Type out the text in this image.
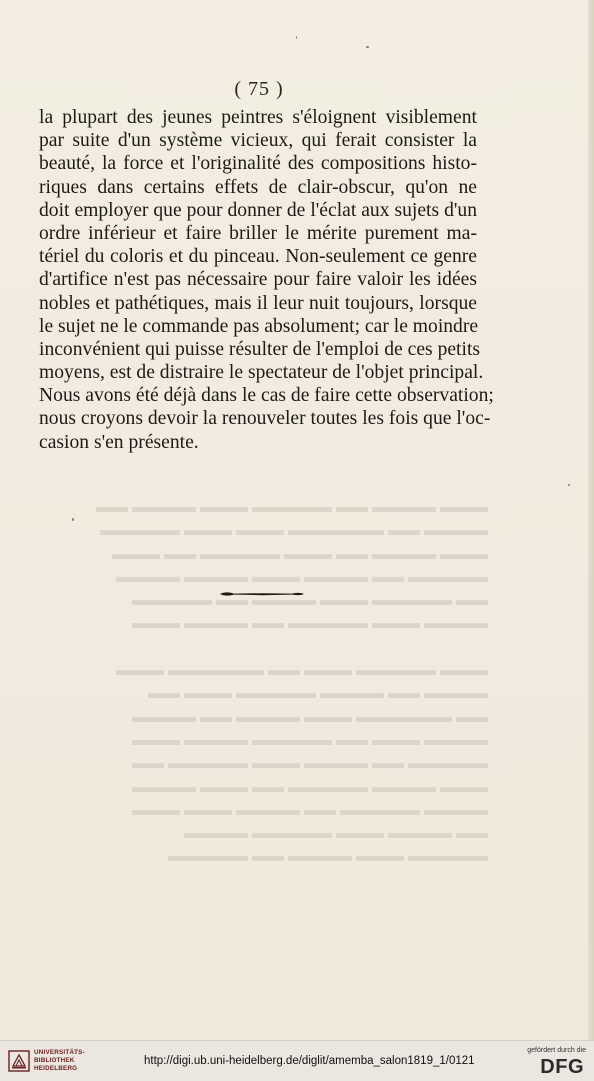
( 75 )
▬▬▬ ▬▬▬▬ ▬▬ ▬▬▬▬▬ ▬▬▬ ▬▬▬▬ ▬▬
▬▬▬▬ ▬▬ ▬▬▬▬▬▬ ▬▬▬ ▬▬▬ ▬▬▬▬▬
▬▬▬ ▬▬▬▬ ▬▬ ▬▬▬ ▬▬▬▬▬ ▬▬ ▬▬▬
▬▬▬▬▬ ▬▬ ▬▬▬▬ ▬▬▬ ▬▬▬▬ ▬▬▬▬
▬▬ ▬▬▬▬▬ ▬▬▬ ▬▬▬▬ ▬▬ ▬▬▬▬▬
▬▬▬▬ ▬▬▬ ▬▬▬▬▬ ▬▬ ▬▬▬▬ ▬▬▬

▬▬▬ ▬▬▬▬▬ ▬▬▬ ▬▬ ▬▬▬▬▬▬ ▬▬▬
▬▬▬▬ ▬▬ ▬▬▬▬ ▬▬▬▬▬ ▬▬▬ ▬▬
▬▬ ▬▬▬▬▬▬ ▬▬▬ ▬▬▬▬ ▬▬ ▬▬▬▬
▬▬▬▬ ▬▬▬ ▬▬ ▬▬▬▬▬ ▬▬▬▬ ▬▬▬
▬▬▬▬▬ ▬▬ ▬▬▬▬ ▬▬▬ ▬▬▬▬▬ ▬▬
▬▬▬ ▬▬▬▬ ▬▬▬▬▬ ▬▬ ▬▬▬ ▬▬▬▬
▬▬▬▬ ▬▬▬▬▬ ▬▬ ▬▬▬▬ ▬▬▬ ▬▬▬
▬▬ ▬▬▬▬ ▬▬▬ ▬▬▬▬▬ ▬▬▬▬
▬▬▬▬▬ ▬▬▬ ▬▬▬▬ ▬▬ ▬▬▬▬▬
la plupart des jeunes peintres s'éloignent visiblement
par suite d'un système vicieux, qui ferait consister la
beauté, la force et l'originalité des compositions histo-
riques dans certains effets de clair-obscur, qu'on ne
doit employer que pour donner de l'éclat aux sujets d'un
ordre inférieur et faire briller le mérite purement ma-
tériel du coloris et du pinceau. Non-seulement ce genre
d'artifice n'est pas nécessaire pour faire valoir les idées
nobles et pathétiques, mais il leur nuit toujours, lorsque
le sujet ne le commande pas absolument; car le moindre
inconvénient qui puisse résulter de l'emploi de ces petits
moyens, est de distraire le spectateur de l'objet principal.
Nous avons été déjà dans le cas de faire cette observation;
nous croyons devoir la renouveler toutes les fois que l'oc-
casion s'en présente.
UNIVERSITÄTS-
BIBLIOTHEK
HEIDELBERG
http://digi.ub.uni-heidelberg.de/diglit/amemba_salon1819_1/0121
gefördert durch die
DFG
